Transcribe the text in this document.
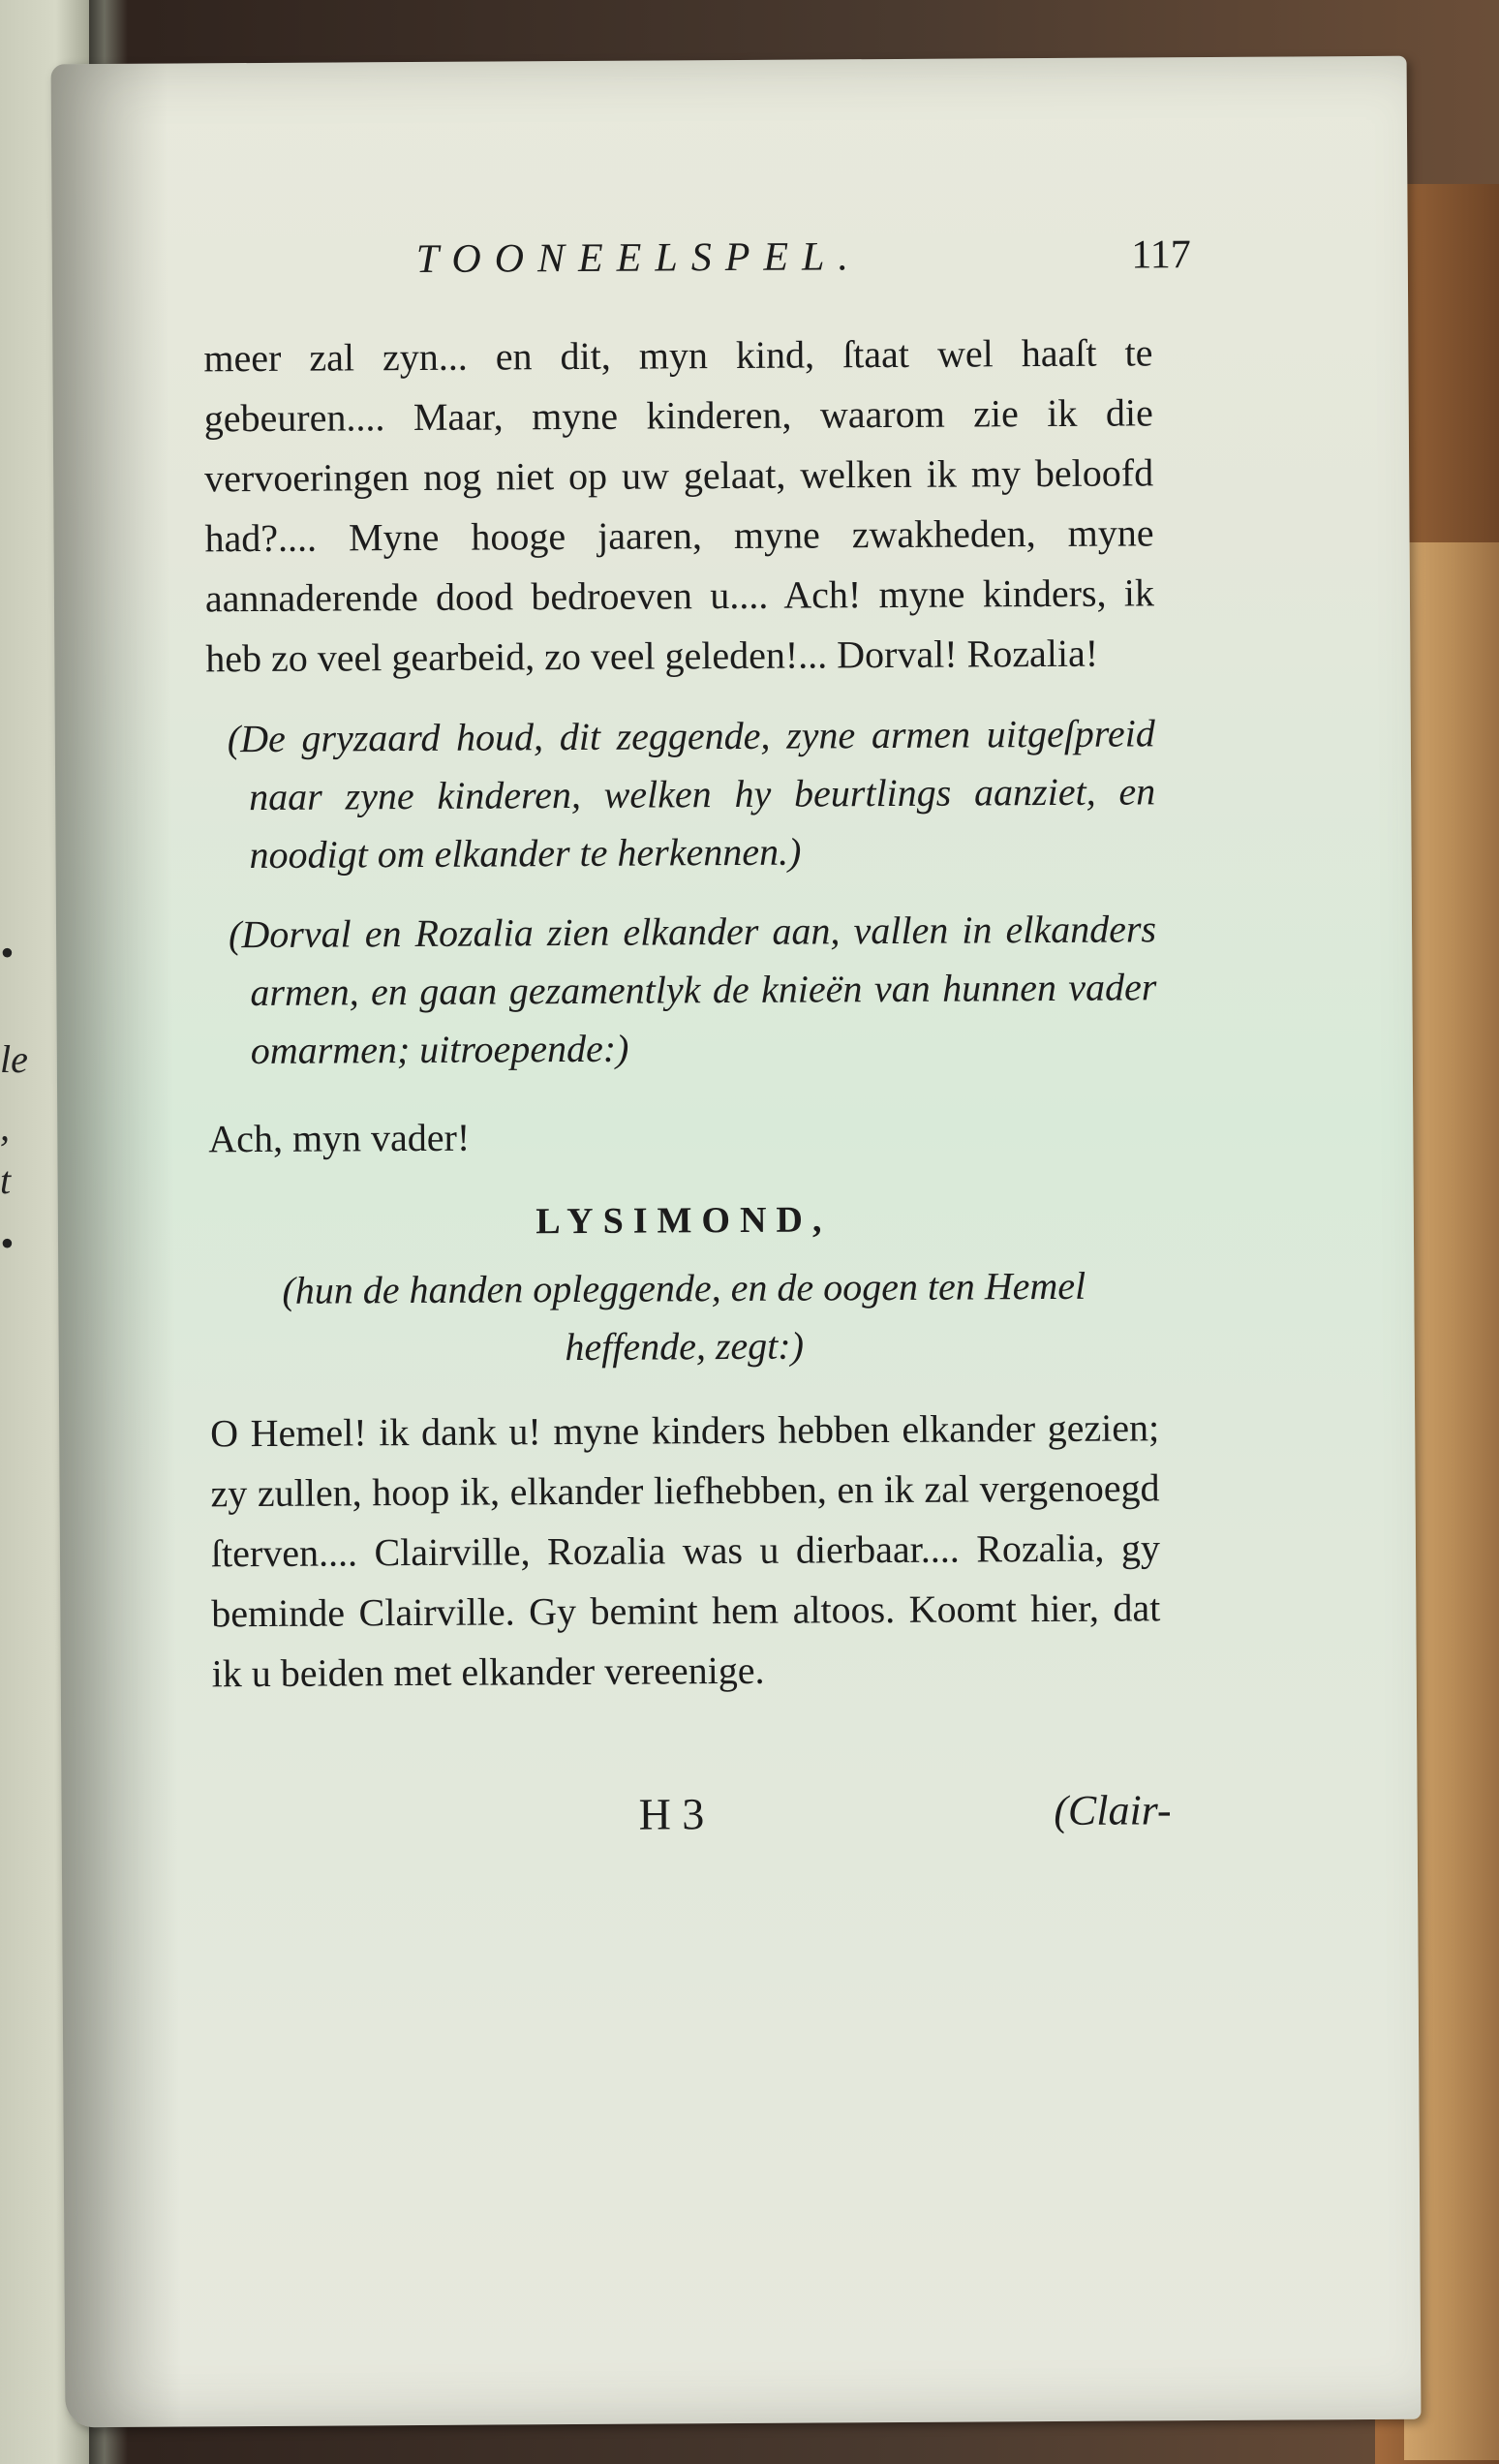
•
le
,
t
•
TOONEELSPEL.	117

meer zal zyn... en dit, myn kind, ſtaat wel haaſt te gebeuren.... Maar, myne kinderen, waarom zie ik die vervoeringen nog niet op uw gelaat, welken ik my beloofd had?.... Myne hooge jaaren, myne zwakheden, myne aannaderende dood bedroeven u.... Ach! myne kinders, ik heb zo veel gearbeid, zo veel geleden!... Dorval! Rozalia!

(De gryzaard houd, dit zeggende, zyne armen uitgeſpreid naar zyne kinderen, welken hy beurtlings aanziet, en noodigt om elkander te herkennen.)

(Dorval en Rozalia zien elkander aan, vallen in elkanders armen, en gaan gezamentlyk de knieën van hunnen vader omarmen; uitroepende:)

Ach, myn vader!

LYSIMOND,

(hun de handen opleggende, en de oogen ten Hemel heffende, zegt:)

O Hemel! ik dank u! myne kinders hebben elkander gezien; zy zullen, hoop ik, elkander liefhebben, en ik zal vergenoegd ſterven.... Clairville, Rozalia was u dierbaar.... Rozalia, gy beminde Clairville. Gy bemint hem altoos. Koomt hier, dat ik u beiden met elkander vereenige.

H 3	(Clair-
